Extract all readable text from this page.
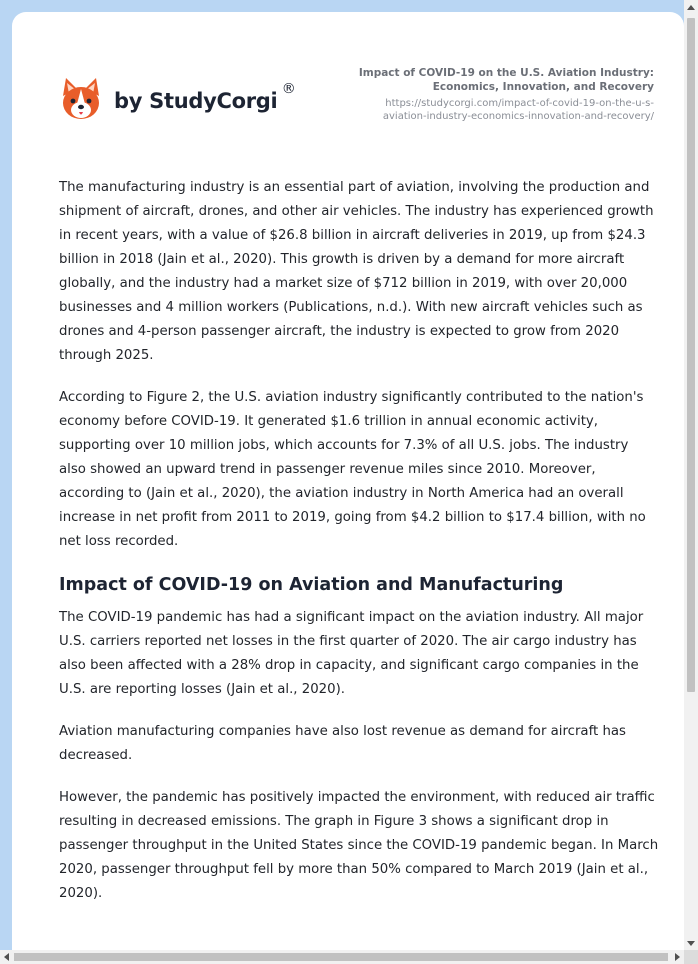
by StudyCorgi ®
Impact of COVID-19 on the U.S. Aviation Industry:
Economics, Innovation, and Recovery
https://studycorgi.com/impact-of-covid-19-on-the-u-s-
aviation-industry-economics-innovation-and-recovery/

The manufacturing industry is an essential part of aviation, involving the production and shipment of aircraft, drones, and other air vehicles. The industry has experienced growth in recent years, with a value of $26.8 billion in aircraft deliveries in 2019, up from $24.3 billion in 2018 (Jain et al., 2020). This growth is driven by a demand for more aircraft globally, and the industry had a market size of $712 billion in 2019, with over 20,000 businesses and 4 million workers (Publications, n.d.). With new aircraft vehicles such as drones and 4-person passenger aircraft, the industry is expected to grow from 2020 through 2025.

According to Figure 2, the U.S. aviation industry significantly contributed to the nation's economy before COVID-19. It generated $1.6 trillion in annual economic activity, supporting over 10 million jobs, which accounts for 7.3% of all U.S. jobs. The industry also showed an upward trend in passenger revenue miles since 2010. Moreover, according to (Jain et al., 2020), the aviation industry in North America had an overall increase in net profit from 2011 to 2019, going from $4.2 billion to $17.4 billion, with no net loss recorded.

Impact of COVID-19 on Aviation and Manufacturing

The COVID-19 pandemic has had a significant impact on the aviation industry. All major U.S. carriers reported net losses in the first quarter of 2020. The air cargo industry has also been affected with a 28% drop in capacity, and significant cargo companies in the U.S. are reporting losses (Jain et al., 2020).

Aviation manufacturing companies have also lost revenue as demand for aircraft has decreased.

However, the pandemic has positively impacted the environment, with reduced air traffic resulting in decreased emissions. The graph in Figure 3 shows a significant drop in passenger throughput in the United States since the COVID-19 pandemic began. In March 2020, passenger throughput fell by more than 50% compared to March 2019 (Jain et al., 2020).
